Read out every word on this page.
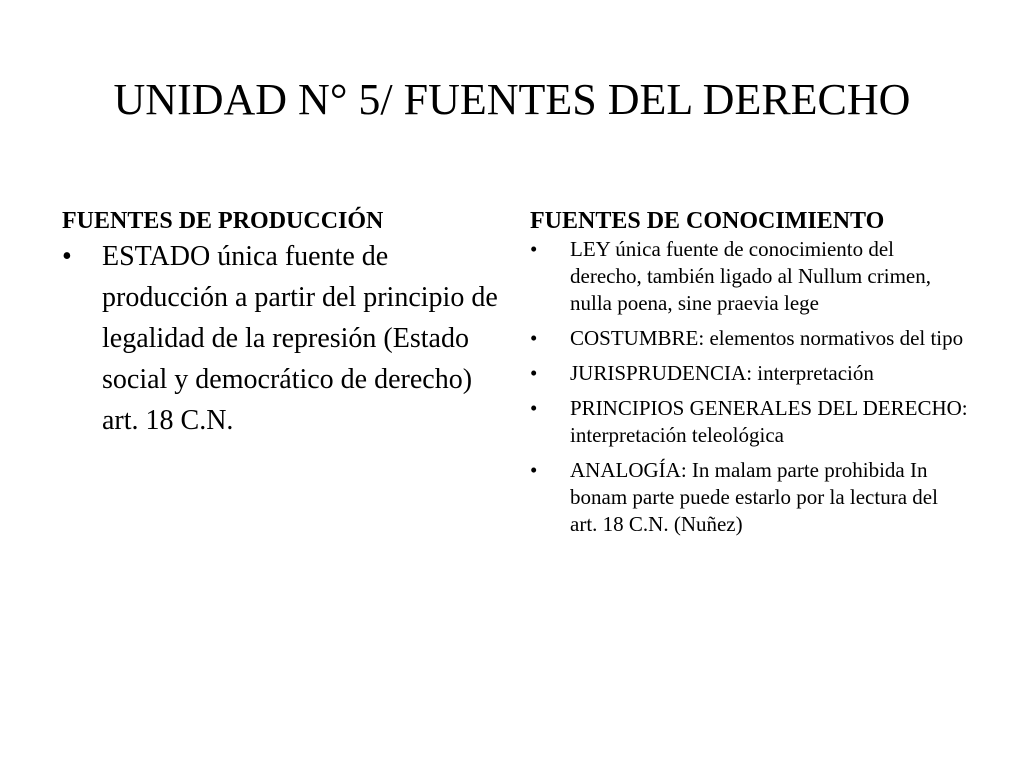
UNIDAD N° 5/ FUENTES DEL DERECHO
FUENTES DE PRODUCCIÓN
• ESTADO única fuente de producción a partir del principio de legalidad de la represión (Estado social y democrático de derecho) art. 18 C.N.
FUENTES DE CONOCIMIENTO
• LEY única fuente de conocimiento del derecho, también ligado al Nullum crimen, nulla poena, sine praevia lege
• COSTUMBRE: elementos normativos del tipo
• JURISPRUDENCIA: interpretación
• PRINCIPIOS GENERALES DEL DERECHO: interpretación teleológica
• ANALOGÍA: In malam parte prohibida In bonam parte puede estarlo por la lectura del art. 18 C.N. (Nuñez)
